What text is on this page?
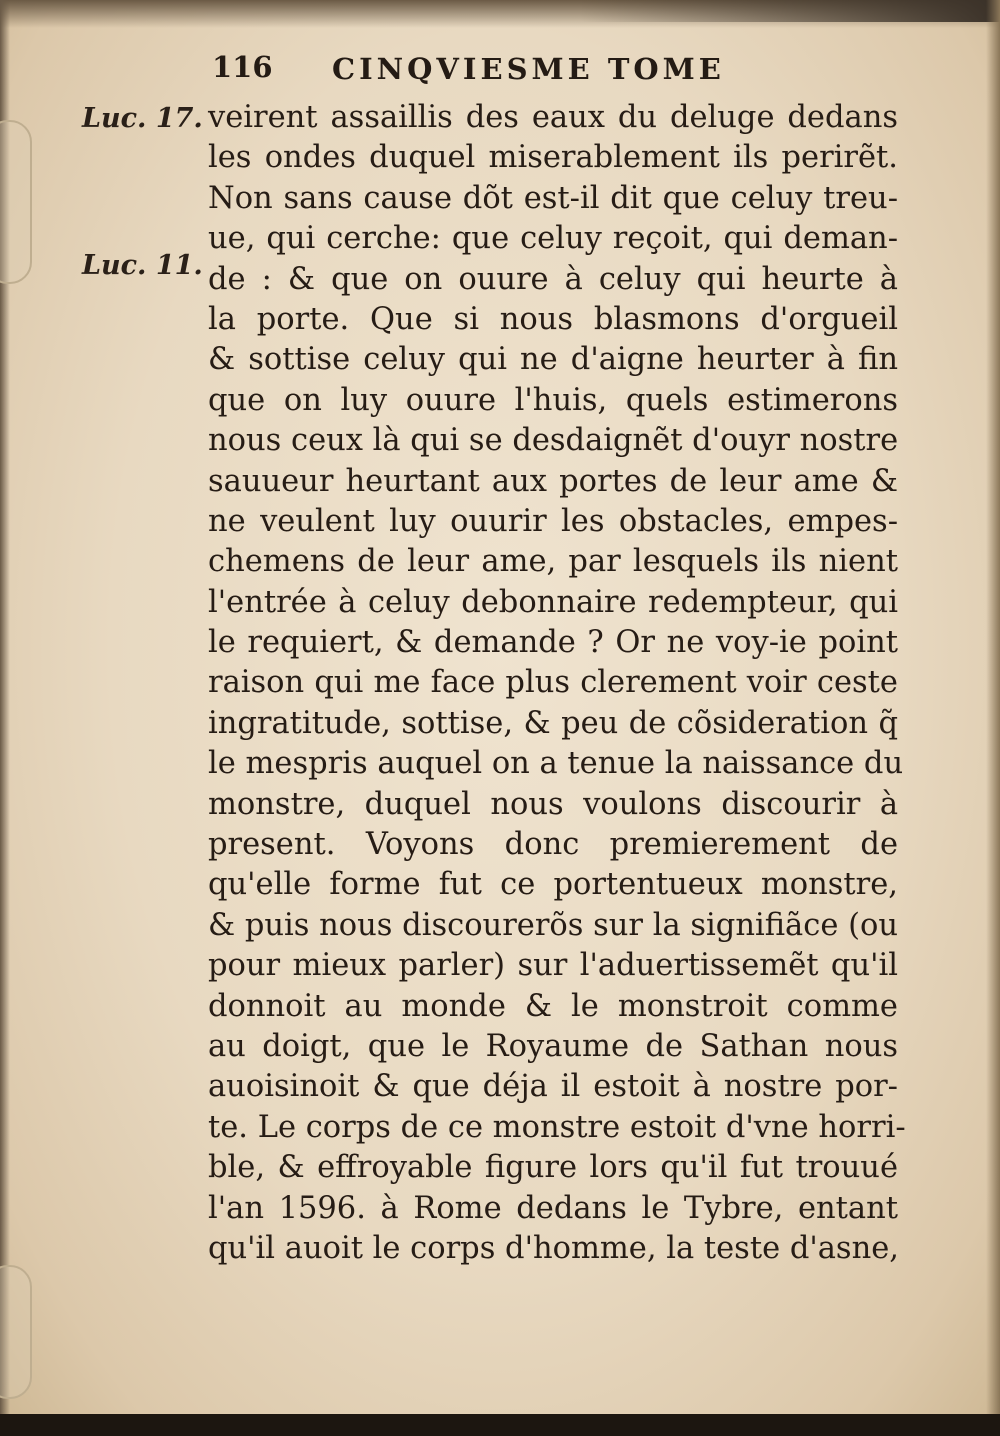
116 CINQVIESME TOME
Luc. 17.
Luc. 11.
veirent assaillis des eaux du deluge dedans
les ondes duquel miserablement ils perirẽt.
Non sans cause dõt est-il dit que celuy treu-
ue, qui cerche: que celuy reçoit, qui deman-
de : & que on ouure à celuy qui heurte à
la porte. Que si nous blasmons d'orgueil
& sottise celuy qui ne d'aigne heurter à fin
que on luy ouure l'huis, quels estimerons
nous ceux là qui se desdaignẽt d'ouyr nostre
sauueur heurtant aux portes de leur ame &
ne veulent luy ouurir les obstacles, empes-
chemens de leur ame, par lesquels ils nient
l'entrée à celuy debonnaire redempteur, qui
le requiert, & demande ? Or ne voy-ie point
raison qui me face plus clerement voir ceste
ingratitude, sottise, & peu de cõsideration q̃
le mespris auquel on a tenue la naissance du
monstre, duquel nous voulons discourir à
present. Voyons donc premierement de
qu'elle forme fut ce portentueux monstre,
& puis nous discourerõs sur la signifiãce (ou
pour mieux parler) sur l'aduertissemẽt qu'il
donnoit au monde & le monstroit comme
au doigt, que le Royaume de Sathan nous
auoisinoit & que déja il estoit à nostre por-
te. Le corps de ce monstre estoit d'vne horri-
ble, & effroyable figure lors qu'il fut trouué
l'an 1596. à Rome dedans le Tybre, entant
qu'il auoit le corps d'homme, la teste d'asne,
